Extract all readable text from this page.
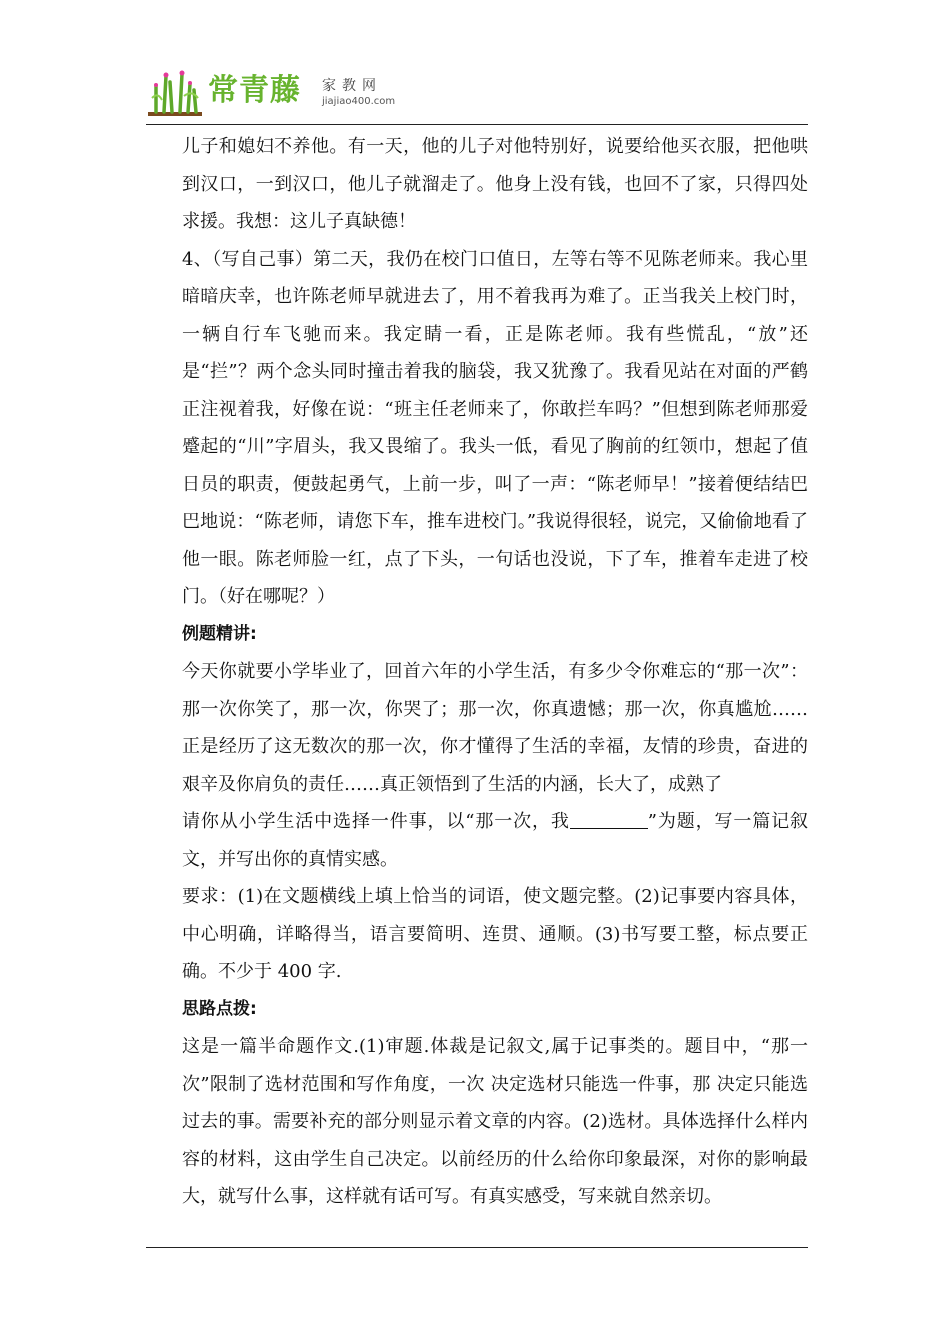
常青藤 家教网
jiajiao400.com

儿子和媳妇不养他。有一天，他的儿子对他特别好，说要给他买衣服，把他哄到汉口，一到汉口，他儿子就溜走了。他身上没有钱，也回不了家，只得四处求援。我想：这儿子真缺德！

4、（写自己事）第二天，我仍在校门口值日，左等右等不见陈老师来。我心里暗暗庆幸，也许陈老师早就进去了，用不着我再为难了。正当我关上校门时，一辆自行车飞驰而来。我定睛一看，正是陈老师。我有些慌乱，“放”还是“拦”？两个念头同时撞击着我的脑袋，我又犹豫了。我看见站在对面的严鹤正注视着我，好像在说：“班主任老师来了，你敢拦车吗？”但想到陈老师那爱蹙起的“川”字眉头，我又畏缩了。我头一低，看见了胸前的红领巾，想起了值日员的职责，便鼓起勇气，上前一步，叫了一声：“陈老师早！”接着便结结巴巴地说：“陈老师，请您下车，推车进校门。”我说得很轻，说完，又偷偷地看了他一眼。陈老师脸一红，点了下头，一句话也没说，下了车，推着车走进了校门。（好在哪呢？）

例题精讲:

今天你就要小学毕业了，回首六年的小学生活，有多少令你难忘的“那一次”：那一次你笑了，那一次，你哭了；那一次，你真遗憾；那一次，你真尴尬……正是经历了这无数次的那一次，你才懂得了生活的幸福，友情的珍贵，奋进的艰辛及你肩负的责任……真正领悟到了生活的内涵，长大了，成熟了

请你从小学生活中选择一件事，以“那一次，我	”为题，写一篇记叙文，并写出你的真情实感。

要求：(1)在文题横线上填上恰当的词语，使文题完整。(2)记事要内容具体，中心明确，详略得当，语言要简明、连贯、通顺。(3)书写要工整，标点要正确。不少于 400 字.

思路点拨:

这是一篇半命题作文.(1)审题.体裁是记叙文,属于记事类的。题目中，“那一次”限制了选材范围和写作角度，一次 决定选材只能选一件事，那 决定只能选过去的事。需要补充的部分则显示着文章的内容。(2)选材。具体选择什么样内容的材料，这由学生自己决定。以前经历的什么给你印象最深，对你的影响最大，就写什么事，这样就有话可写。有真实感受，写来就自然亲切。
